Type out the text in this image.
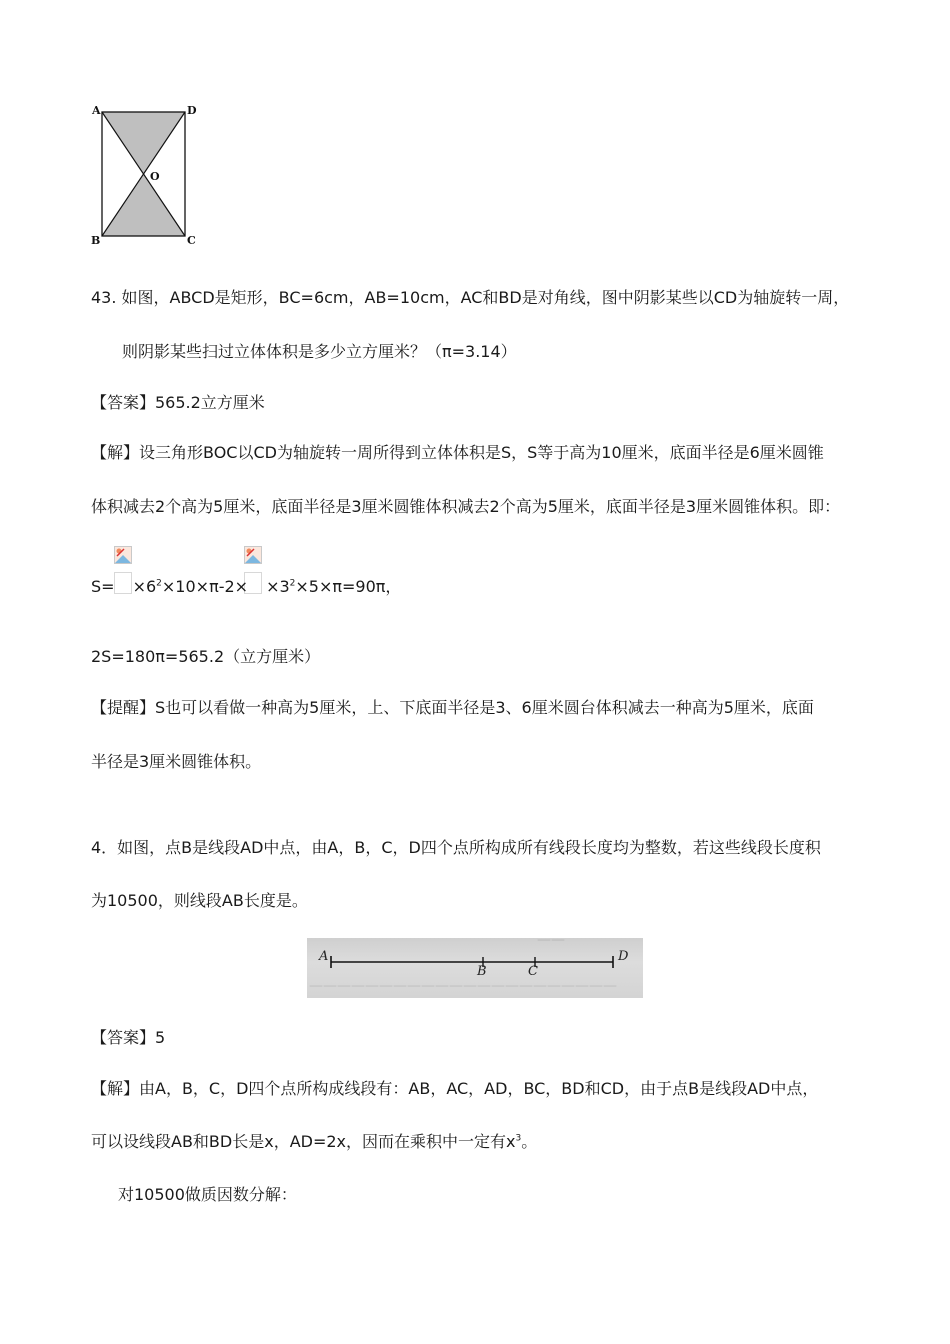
A	D
O
B	C
43. 如图，ABCD是矩形，BC=6cm，AB=10cm，AC和BD是对角线，图中阴影某些以CD为轴旋转一周，
则阴影某些扫过立体体积是多少立方厘米？（π=3.14）
【答案】565.2立方厘米
【解】设三角形BOC以CD为轴旋转一周所得到立体体积是S，S等于高为10厘米，底面半径是6厘米圆锥
体积减去2个高为5厘米，底面半径是3厘米圆锥体积减去2个高为5厘米，底面半径是3厘米圆锥体积。即：
$S= \times 6^2\times 10\times\pi-2\times \times 3^2\times 5\times\pi=90\pi$，
2S=180π=565.2（立方厘米）
【提醒】S也可以看做一种高为5厘米，上、下底面半径是3、6厘米圆台体积减去一种高为5厘米，底面
半径是3厘米圆锥体积。
4．如图，点B是线段AD中点，由A，B，C，D四个点所构成所有线段长度均为整数，若这些线段长度积
为10500，则线段AB长度是。
——
——————————————————————
A
B	C
D
【答案】5
【解】由A，B，C，D四个点所构成线段有：AB，AC，AD，BC，BD和CD，由于点B是线段AD中点，
可以设线段AB和BD长是x，AD=2x，因而在乘积中一定有$x^3$。
对10500做质因数分解：
